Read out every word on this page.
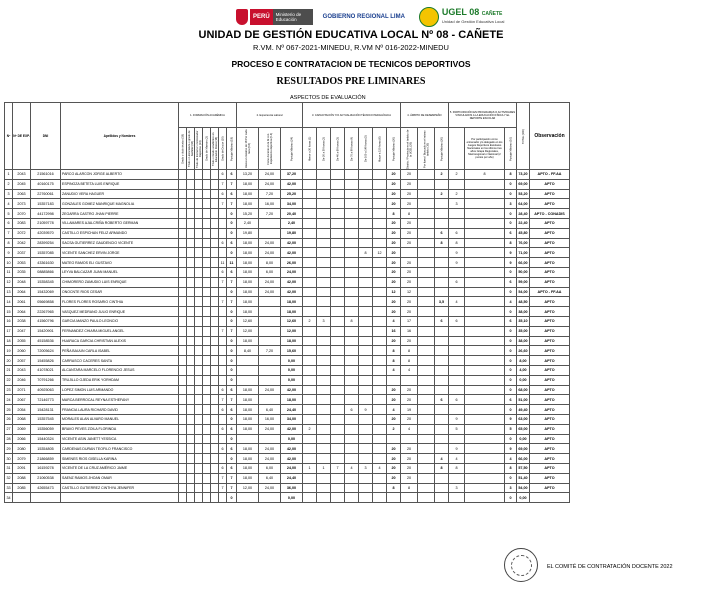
PERÚ	Ministerio de Educación	GOBIERNO REGIONAL LIMA	UGEL 08 CAÑETE
Unidad de Gestión Educativa Local
UNIDAD DE GESTIÓN EDUCATIVA LOCAL Nº 08 - CAÑETE
R.VM. Nº 067-2021-MINEDU, R.VM Nº 016-2022-MINEDU
PROCESO E CONTRATACION DE TECNICOS DEPORTIVOS
RESULTADOS PRE LIMINARES
ASPECTOS DE EVALUACIÓN
Nº	Nº DE EXP.	DNI	Apellidos y Nombres	1. FORMACIÓN ACADÉMICA							2. Experiencia Laboral			3. CAPACITACIÓN Y/O ACTUALIZACIÓN TÉCNICO PEDAGÓGICA							4. ÁMBITO DE DESEMPEÑO			5. PARTICIPACIÓN EN PROGRAMAS O ACTIVIDADES VINCULADOS A LA EDUCACIÓN FÍSICA Y EL DEPORTE ESCOLAR			TOTAL (100)	Observación
				Grado o título técnico (18)	Título o Licenciatura o grado de bachiller (16)	Título de Instructor o Entrenador Deportivo (14)	Grado de Maestro (2)	Título o Grado académico en Educación Física (16)	Grado de Doctor (10)	Puntaje Máximo (18)	Hasta un máximo de 18 Por cada mes (0.6)	Como docente en la IE con Experiencia deportiva (0.4)	Puntaje Máximo (24)	Menor a 20 horas (1)	De 20 a 39 horas (2)	De 40 a 69 horas (3)	De 70 a 99 horas (4)	De 100 a 149 horas (5)	Mayor a 150 horas (6)	Puntaje Máximo (20)	Distrito / Provincia en el ámbito de la UGEL (20)	Por fuera / Buscado en el mismo ámbito (10)	Puntaje Máximo (20)		Por participación como entrenador y/o delegado en los Juegos Deportivos Escolares Nacionales en los últimos tres años: Etapa Regionales, Macroregional o Nacional (2 puntos por año)	Puntaje Máximo (10)		
1	2043	21561016	PARCO ALARCON JORGE ALBERTO						6	6	13,20	24,00	37,20							20	20		2	2	8	8	73,20	APTO - FF.AA
2	2045	40160175	ESPINOZA BETETA LUIS ENRIQUE						7	7	18,00	24,00	42,00							20	20					0	69,00	APTO
3	2063	22760061	ZANUDIO VERA HAGUER						6	6	18,00	7,20	25,20							20	20		2	2		0	53,20	APTO
4	2073	15357183	GONZALES GOMEZ MANRIQUE MAGNOLIA						7	7	18,00	16,00	34,00							20	20			3		3	64,00	APTO
5	2070	44172998	ZEGARRA CASTRO JHAN PIERRE							0	15,20	7,20	20,40							8	8					0	28,40	APTO - CONADIS
6	2083	21059778	VILLAMARES AJALCRIÑA ROBERTO GERMAN							0	2,40		2,40							20	20					0	22,40	APTO
7	2072	42039570	CASTILLO ESPICHAN FELIZ ARMANDO							0	19,80		19,80							20	20		6	6		6	45,80	APTO
8	2042	28399254	SACSA GUTIERREZ GAUDENCIO VICENTE						6	6	18,00	24,00	42,00							20	20		8	8		8	76,00	APTO
9	2037	15357085	VICENTE SANCHEZ ERVIN JORGE							0	18,00	24,00	42,00					8	12	20				9		9	71,00	APTO
10	2053	43361630	MATEO RAMOS ELI GUSTAVO						11	11	18,00	8,00	26,00							20	20			9		9	66,00	APTO
11	2035	08885866	LEYVA BALCAZAR JUAN MANUEL						6	6	18,00	6,00	24,00							20	20					0	50,00	APTO
12	2048	15358345	CHIMORERO ZAMUDIO LUIS ENRIQUE						7	7	18,00	24,00	42,00							20	20			6		6	59,00	APTO
13	2064	15432069	ONOCNTE RIOS CESAR							0	18,00	24,00	42,00							12	12					0	54,00	APTO - FF.AA
14	2061	05669858	FLORES FLORES ROSARIO CINTHIA						7	7	18,00		18,00							20	20		3,5	4		4	48,50	APTO
15	2064	22267965	VASQUEZ MEDRANO JULIO ENRIQUE							0	18,00		18,00							20	20					0	38,00	APTO
16	2038	41560796	GARCIA MANZO PAULO LEONCIO							0	12,60		12,60	2	3		8			4	17		6	6		6	35,10	APTO
17	2047	15420901	FERNANDEZ CHIARA MIGUEL ANGEL						7	7	12,00		12,00							16	16					0	35,00	APTO
18	2055	45158536	HUARACA GARCIA CHRISTIAN ALEXIS							0	18,00		18,00							20	20					0	38,00	APTO
19	2060	72005624	PEÑA BAUUN CARLA ISABEL							0	8,40	7,20	15,60							8	8					0	26,60	APTO
20	2057	15455826	CARRASCO CACERES SANTA							0			0,00							8	8					0	8,00	APTO
21	2043	41078021	ALCANTARA MARCELO FLORENCIO JESUS							0			0,00							4	4					0	4,00	APTO
22	2046	70791266	TRUJILLO OJEDA ERIK YORHDAM							0			0,00													0	0,00	APTO
23	2071	40925063	LOPEZ SIMON LUIS ARMANDO						6	6	18,00	24,00	42,00							20	20					0	68,00	APTO
24	2067	72146773	MARCA BERROCAL REYNA ESTHEFANY						7	7	18,00		18,00							20	20		6	6		6	51,00	APTO
25	2054	15428131	FRANCIA LAURA RICHARD DAVID						6	6	18,00	6,40	24,40				6	9		4	19					0	49,40	APTO
26	2068	15357545	MORALES ALAN ALVARO MANUEL							0	18,00	16,00	34,00							20	20			9		9	63,00	APTO
27	2069	15356059	BRAVO PEVES ZOILA FLORINDA						6	6	18,00	24,00	42,00	2						2	4			5		5	65,00	APTO
28	2066	15440324	VICENTE ASIN JANETT YESSICA							0			0,00													0	0,00	APTO
29	2080	15354805	CARDENAS DURAN TEOFILO FRANCISCO						6	6	18,00	24,00	42,00							20	20			9		9	69,00	APTO
30	2079	21866859	SIMENES RIOS GISELLA KARINA							0	18,00	24,00	42,00							20	20		4	4		4	66,00	APTO
31	2091	16159278	VICENTE DE LA CRUZ AMÉRICO JAIME						6	6	18,00	6,00	24,00	1	1	7	4	3	4	20	20		8	8		8	57,50	APTO
32	2088	21060538	SAENZ RAMOS JHOAN OMAR						7	7	18,00	6,40	24,40							20	20					0	51,40	APTO
33	2085	42655473	CASTILLO GUTIERREZ CINTHYA JENNIFER						7	7	12,00	24,00	36,00							8	8			3		3	54,00	APTO
34										0			0,00													0	0,00	
EL COMITÉ DE CONTRATACIÓN DOCENTE 2022
